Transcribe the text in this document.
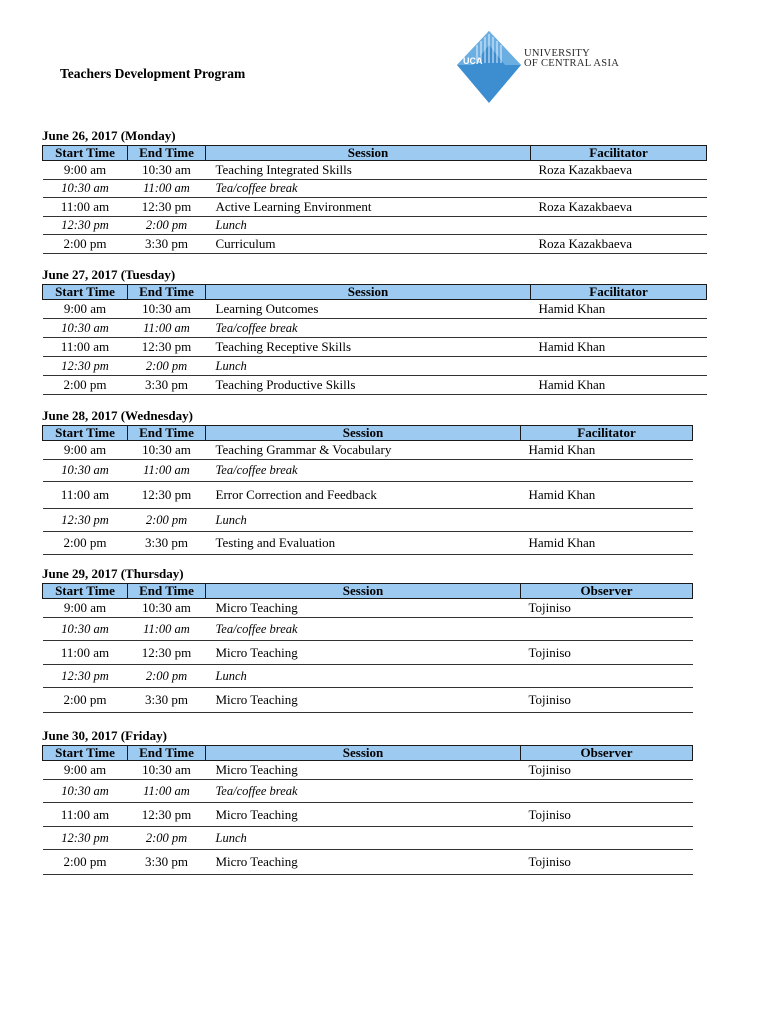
Teachers Development Program
UCA
UNIVERSITY
OF CENTRAL ASIA
June 26, 2017 (Monday)
Start Time	End Time	Session	Facilitator
9:00 am	10:30 am	Teaching Integrated Skills	Roza Kazakbaeva
10:30 am	11:00 am	Tea/coffee break	
11:00 am	12:30 pm	Active Learning Environment	Roza Kazakbaeva
12:30 pm	2:00 pm	Lunch	
2:00 pm	3:30 pm	Curriculum	Roza Kazakbaeva
June 27, 2017 (Tuesday)
Start Time	End Time	Session	Facilitator
9:00 am	10:30 am	Learning Outcomes	Hamid Khan
10:30 am	11:00 am	Tea/coffee break	
11:00 am	12:30 pm	Teaching Receptive Skills	Hamid Khan
12:30 pm	2:00 pm	Lunch	
2:00 pm	3:30 pm	Teaching Productive Skills	Hamid Khan
June 28, 2017 (Wednesday)
Start Time	End Time	Session	Facilitator
9:00 am	10:30 am	Teaching Grammar & Vocabulary	Hamid Khan
10:30 am	11:00 am	Tea/coffee break	
11:00 am	12:30 pm	Error Correction and Feedback	Hamid Khan
12:30 pm	2:00 pm	Lunch	
2:00 pm	3:30 pm	Testing and Evaluation	Hamid Khan
June 29, 2017 (Thursday)
Start Time	End Time	Session	Observer
9:00 am	10:30 am	Micro Teaching	Tojiniso
10:30 am	11:00 am	Tea/coffee break	
11:00 am	12:30 pm	Micro Teaching	Tojiniso
12:30 pm	2:00 pm	Lunch	
2:00 pm	3:30 pm	Micro Teaching	Tojiniso
June 30, 2017 (Friday)
Start Time	End Time	Session	Observer
9:00 am	10:30 am	Micro Teaching	Tojiniso
10:30 am	11:00 am	Tea/coffee break	
11:00 am	12:30 pm	Micro Teaching	Tojiniso
12:30 pm	2:00 pm	Lunch	
2:00 pm	3:30 pm	Micro Teaching	Tojiniso
